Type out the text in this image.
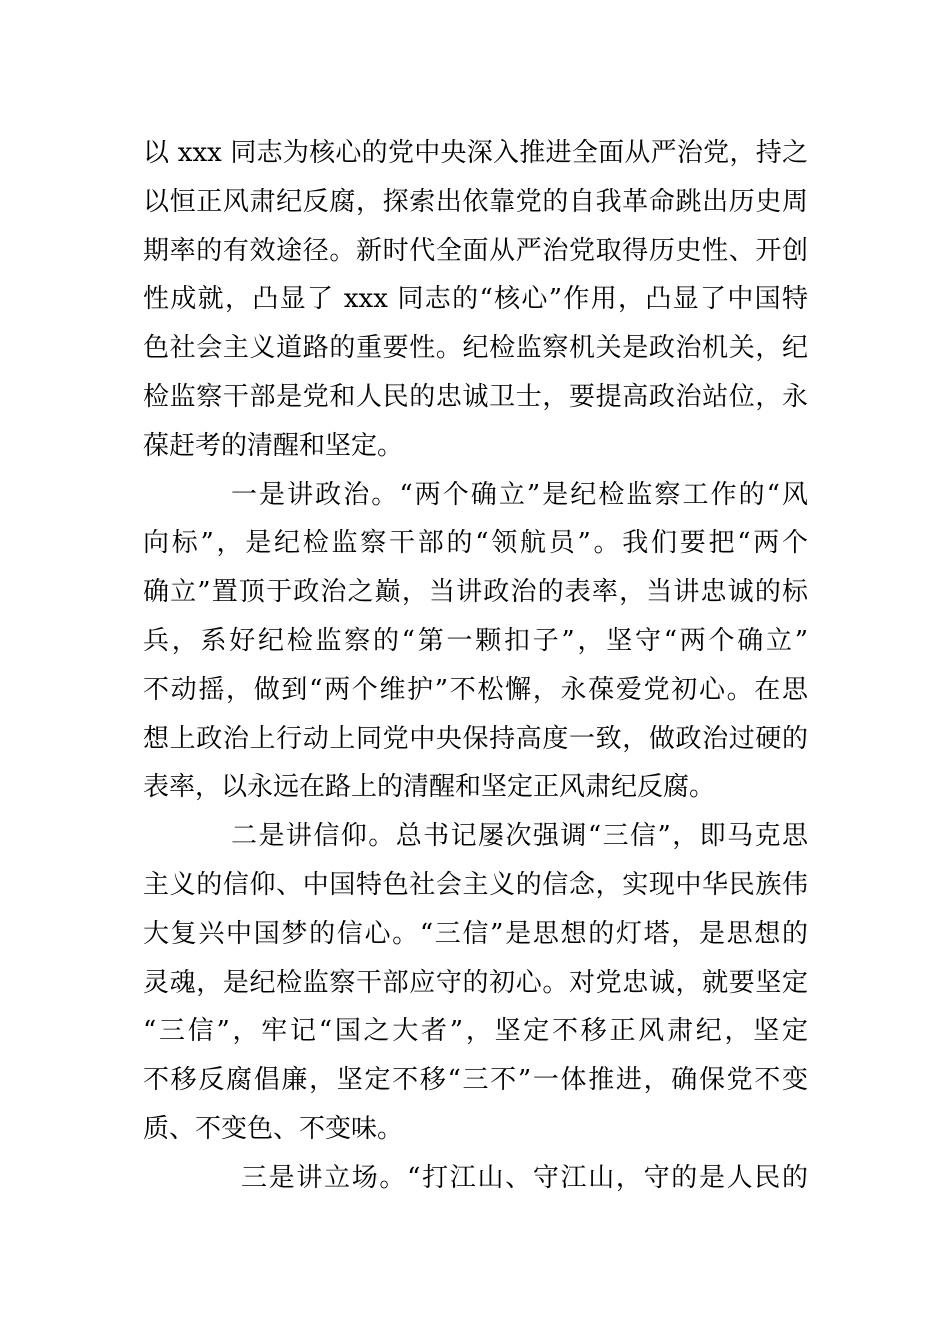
以 xxx 同志为核心的党中央深入推进全面从严治党，持之
以恒正风肃纪反腐，探索出依靠党的自我革命跳出历史周
期率的有效途径。新时代全面从严治党取得历史性、开创
性成就，凸显了 xxx 同志的“核心”作用，凸显了中国特
色社会主义道路的重要性。纪检监察机关是政治机关，纪
检监察干部是党和人民的忠诚卫士，要提高政治站位，永
葆赶考的清醒和坚定。
一是讲政治。“两个确立”是纪检监察工作的“风
向标”，是纪检监察干部的“领航员”。我们要把“两个
确立”置顶于政治之巅，当讲政治的表率，当讲忠诚的标
兵，系好纪检监察的“第一颗扣子”，坚守“两个确立”
不动摇，做到“两个维护”不松懈，永葆爱党初心。在思
想上政治上行动上同党中央保持高度一致，做政治过硬的
表率，以永远在路上的清醒和坚定正风肃纪反腐。
二是讲信仰。总书记屡次强调“三信”，即马克思
主义的信仰、中国特色社会主义的信念，实现中华民族伟
大复兴中国梦的信心。“三信”是思想的灯塔，是思想的
灵魂，是纪检监察干部应守的初心。对党忠诚，就要坚定
“三信”，牢记“国之大者”，坚定不移正风肃纪，坚定
不移反腐倡廉，坚定不移“三不”一体推进，确保党不变
质、不变色、不变味。
三是讲立场。“打江山、守江山，守的是人民的
